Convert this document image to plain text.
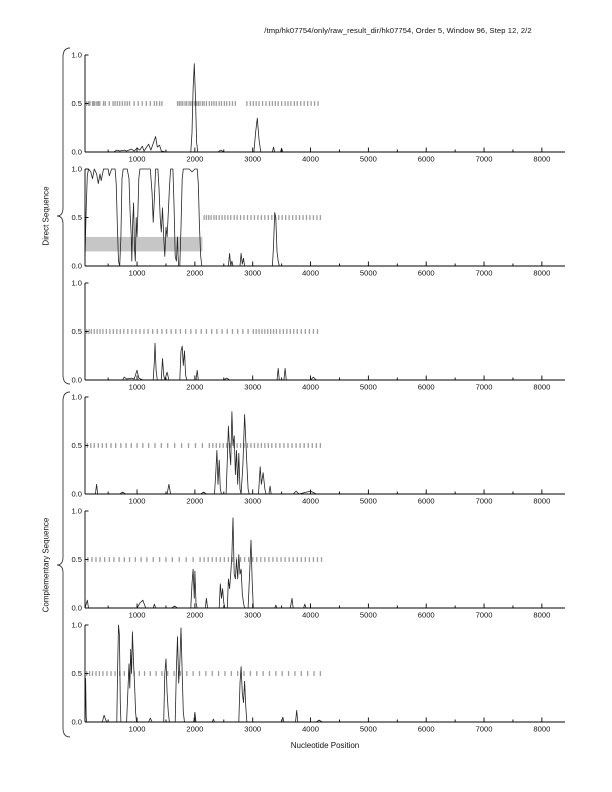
/tmp/hk07754/only/raw_result_dir/hk07754, Order 5, Window 96, Step 12, 2/2
Direct Sequence
Complementary Sequence
1000	2000	3000	4000	5000	6000	7000	8000
1.0
0.5
0.0
1000	2000	3000	4000	5000	6000	7000	8000
1.0
0.5
0.0
1000	2000	3000	4000	5000	6000	7000	8000
1.0
0.5
0.0
1000	2000	3000	4000	5000	6000	7000	8000
1.0
0.5
0.0
1000	2000	3000	4000	5000	6000	7000	8000
1.0
0.5
0.0
1000	2000	3000	4000	5000	6000	7000	8000
1.0
0.5
0.0
Nucleotide Position
